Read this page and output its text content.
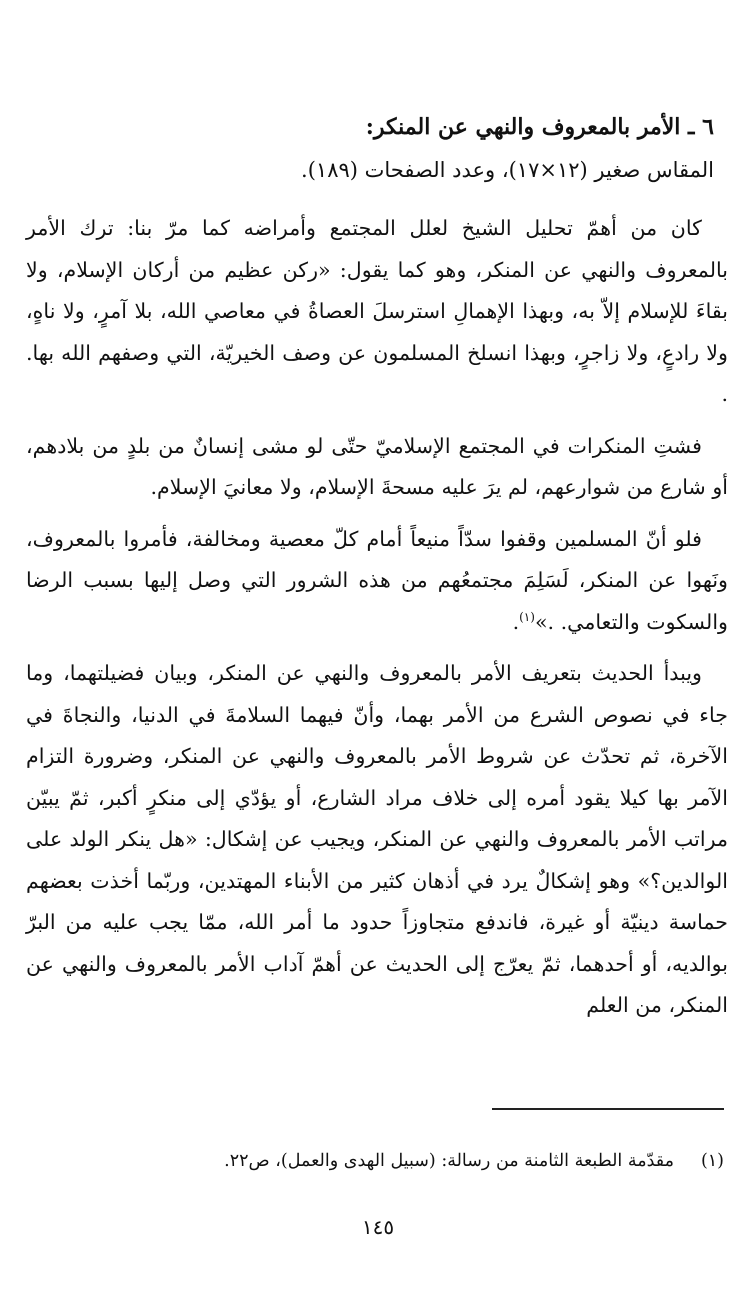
٦ ـ الأمر بالمعروف والنهي عن المنكر:

المقاس صغير (١٢×١٧)، وعدد الصفحات (١٨٩).

كان من أهمّ تحليل الشيخ لعلل المجتمع وأمراضه كما مرّ بنا: ترك الأمر بالمعروف والنهي عن المنكر، وهو كما يقول: «ركن عظيم من أركان الإسلام، ولا بقاءَ للإسلام إلاّ به، وبهذا الإهمالِ استرسلَ العصاةُ في معاصي الله، بلا آمرٍ، ولا ناهٍ، ولا رادعٍ، ولا زاجرٍ، وبهذا انسلخ المسلمون عن وصف الخيريّة، التي وصفهم الله بها. .

فشتِ المنكرات في المجتمع الإسلاميّ حتّى لو مشى إنسانٌ من بلدٍ من بلادهم، أو شارع من شوارعهم، لم يرَ عليه مسحةَ الإسلام، ولا معانيَ الإسلام.

فلو أنّ المسلمين وقفوا سدّاً منيعاً أمام كلّ معصية ومخالفة، فأمروا بالمعروف، ونَهوا عن المنكر، لَسَلِمَ مجتمعُهم من هذه الشرور التي وصل إليها بسبب الرضا والسكوت والتعامي. .»$^{(١)}$.

ويبدأ الحديث بتعريف الأمر بالمعروف والنهي عن المنكر، وبيان فضيلتهما، وما جاء في نصوص الشرع من الأمر بهما، وأنّ فيهما السلامةَ في الدنيا، والنجاةَ في الآخرة، ثم تحدّث عن شروط الأمر بالمعروف والنهي عن المنكر، وضرورة التزام الآمر بها كيلا يقود أمره إلى خلاف مراد الشارع، أو يؤدّي إلى منكرٍ أكبر، ثمّ يبيّن مراتب الأمر بالمعروف والنهي عن المنكر، ويجيب عن إشكال: «هل ينكر الولد على الوالدين؟» وهو إشكالٌ يرد في أذهان كثير من الأبناء المهتدين، وربّما أخذت بعضهم حماسة دينيّة أو غيرة، فاندفع متجاوزاً حدود ما أمر الله، ممّا يجب عليه من البرّ بوالديه، أو أحدهما، ثمّ يعرّج إلى الحديث عن أهمّ آداب الأمر بالمعروف والنهي عن المنكر، من العلم

(١)مقدّمة الطبعة الثامنة من رسالة: (سبيل الهدى والعمل)، ص٢٢.
١٤٥
